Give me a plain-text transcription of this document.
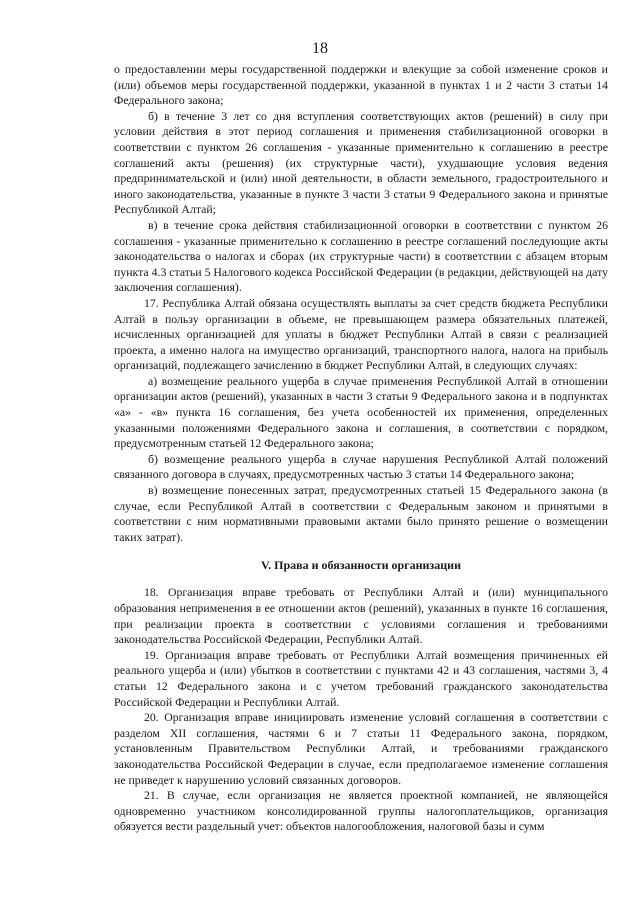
18

о предоставлении меры государственной поддержки и влекущие за собой изменение сроков и (или) объемов меры государственной поддержки, указанной в пунктах 1 и 2 части 3 статьи 14 Федерального закона;

б) в течение 3 лет со дня вступления соответствующих актов (решений) в силу при условии действия в этот период соглашения и применения стабилизационной оговорки в соответствии с пунктом 26 соглашения - указанные применительно к соглашению в реестре соглашений акты (решения) (их структурные части), ухудшающие условия ведения предпринимательской и (или) иной деятельности, в области земельного, градостроительного и иного законодательства, указанные в пункте 3 части 3 статьи 9 Федерального закона и принятые Республикой Алтай;

в) в течение срока действия стабилизационной оговорки в соответствии с пунктом 26 соглашения - указанные применительно к соглашению в реестре соглашений последующие акты законодательства о налогах и сборах (их структурные части) в соответствии с абзацем вторым пункта 4.3 статьи 5 Налогового кодекса Российской Федерации (в редакции, действующей на дату заключения соглашения).

17. Республика Алтай обязана осуществлять выплаты за счет средств бюджета Республики Алтай в пользу организации в объеме, не превышающем размера обязательных платежей, исчисленных организацией для уплаты в бюджет Республики Алтай в связи с реализацией проекта, а именно налога на имущество организаций, транспортного налога, налога на прибыль организаций, подлежащего зачислению в бюджет Республики Алтай, в следующих случаях:

а) возмещение реального ущерба в случае применения Республикой Алтай в отношении организации актов (решений), указанных в части 3 статьи 9 Федерального закона и в подпунктах «а» - «в» пункта 16 соглашения, без учета особенностей их применения, определенных указанными положениями Федерального закона и соглашения, в соответствии с порядком, предусмотренным статьей 12 Федерального закона;

б) возмещение реального ущерба в случае нарушения Республикой Алтай положений связанного договора в случаях, предусмотренных частью 3 статьи 14 Федерального закона;

в) возмещение понесенных затрат, предусмотренных статьей 15 Федерального закона (в случае, если Республикой Алтай в соответствии с Федеральным законом и принятыми в соответствии с ним нормативными правовыми актами было принято решение о возмещении таких затрат).

V. Права и обязанности организации

18. Организация вправе требовать от Республики Алтай и (или) муниципального образования неприменения в ее отношении актов (решений), указанных в пункте 16 соглашения, при реализации проекта в соответствии с условиями соглашения и требованиями законодательства Российской Федерации, Республики Алтай.

19. Организация вправе требовать от Республики Алтай возмещения причиненных ей реального ущерба и (или) убытков в соответствии с пунктами 42 и 43 соглашения, частями 3, 4 статьи 12 Федерального закона и с учетом требований гражданского законодательства Российской Федерации и Республики Алтай.

20. Организация вправе инициировать изменение условий соглашения в соответствии с разделом XII соглашения, частями 6 и 7 статьи 11 Федерального закона, порядком, установленным Правительством Республики Алтай, и требованиями гражданского законодательства Российской Федерации в случае, если предполагаемое изменение соглашения не приведет к нарушению условий связанных договоров.

21. В случае, если организация не является проектной компанией, не являющейся одновременно участником консолидированной группы налогоплательщиков, организация обязуется вести раздельный учет: объектов налогообложения, налоговой базы и сумм
